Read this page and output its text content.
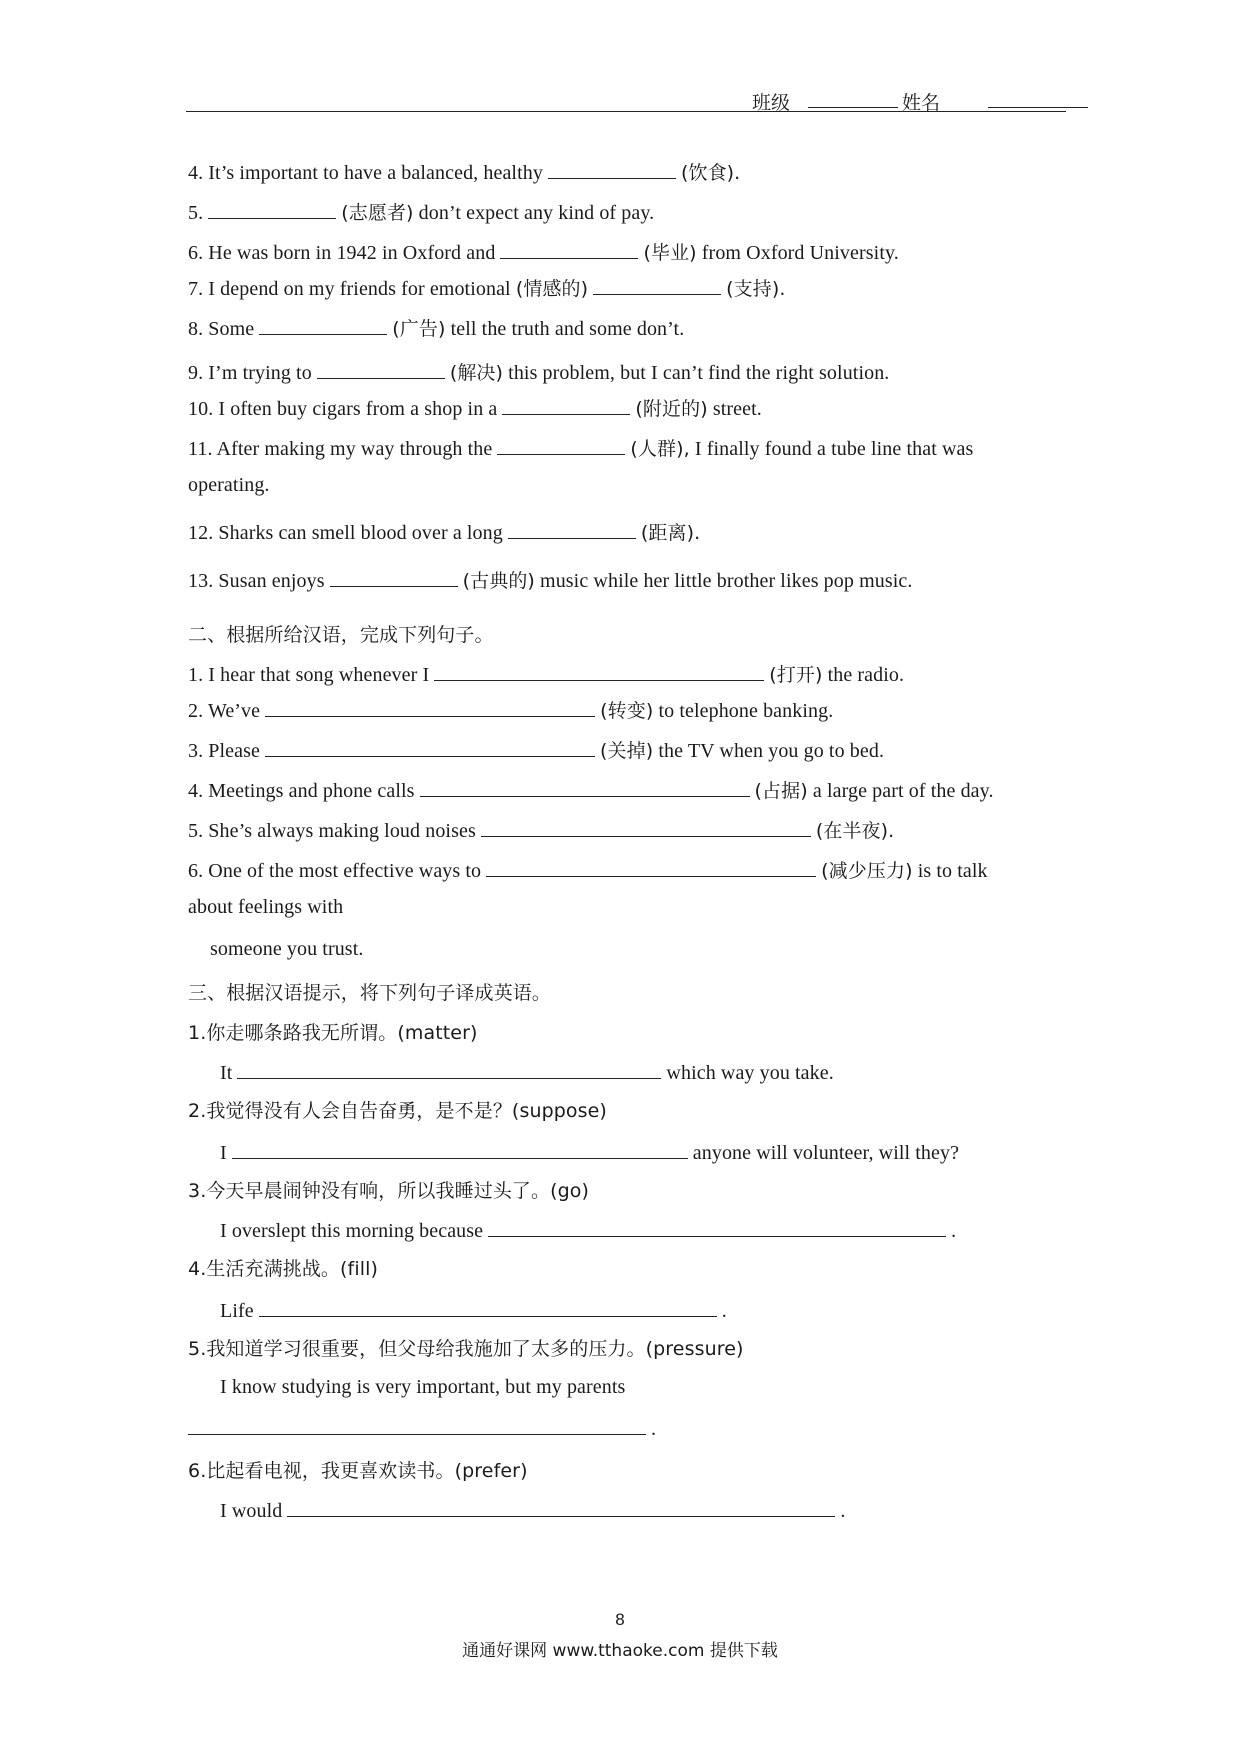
班级	姓名
4. It’s important to have a balanced, healthy	(饮食).
5.	(志愿者) don’t expect any kind of pay.
6. He was born in 1942 in Oxford and	(毕业) from Oxford University.
7. I depend on my friends for emotional (情感的)	(支持).
8. Some	(广告) tell the truth and some don’t.
9. I’m trying to	(解决) this problem, but I can’t find the right solution.
10. I often buy cigars from a shop in a	(附近的) street.
11. After making my way through the	(人群), I finally found a tube line that was
operating.
12. Sharks can smell blood over a long	(距离).
13. Susan enjoys	(古典的) music while her little brother likes pop music.
二、根据所给汉语，完成下列句子。
1. I hear that song whenever I	(打开) the radio.
2. We’ve	(转变) to telephone banking.
3. Please	(关掉) the TV when you go to bed.
4. Meetings and phone calls	(占据) a large part of the day.
5. She’s always making loud noises	(在半夜).
6. One of the most effective ways to	(减少压力) is to talk
about feelings with
someone you trust.
三、根据汉语提示，将下列句子译成英语。
1.你走哪条路我无所谓。(matter)
It	which way you take.
2.我觉得没有人会自告奋勇，是不是？(suppose)
I	anyone will volunteer, will they?
3.今天早晨闹钟没有响，所以我睡过头了。(go)
I overslept this morning because	.
4.生活充满挑战。(fill)
Life	.
5.我知道学习很重要，但父母给我施加了太多的压力。(pressure)
I know studying is very important, but my parents
.
6.比起看电视，我更喜欢读书。(prefer)
I would	.
8
通通好课网 www.tthaoke.com 提供下载
